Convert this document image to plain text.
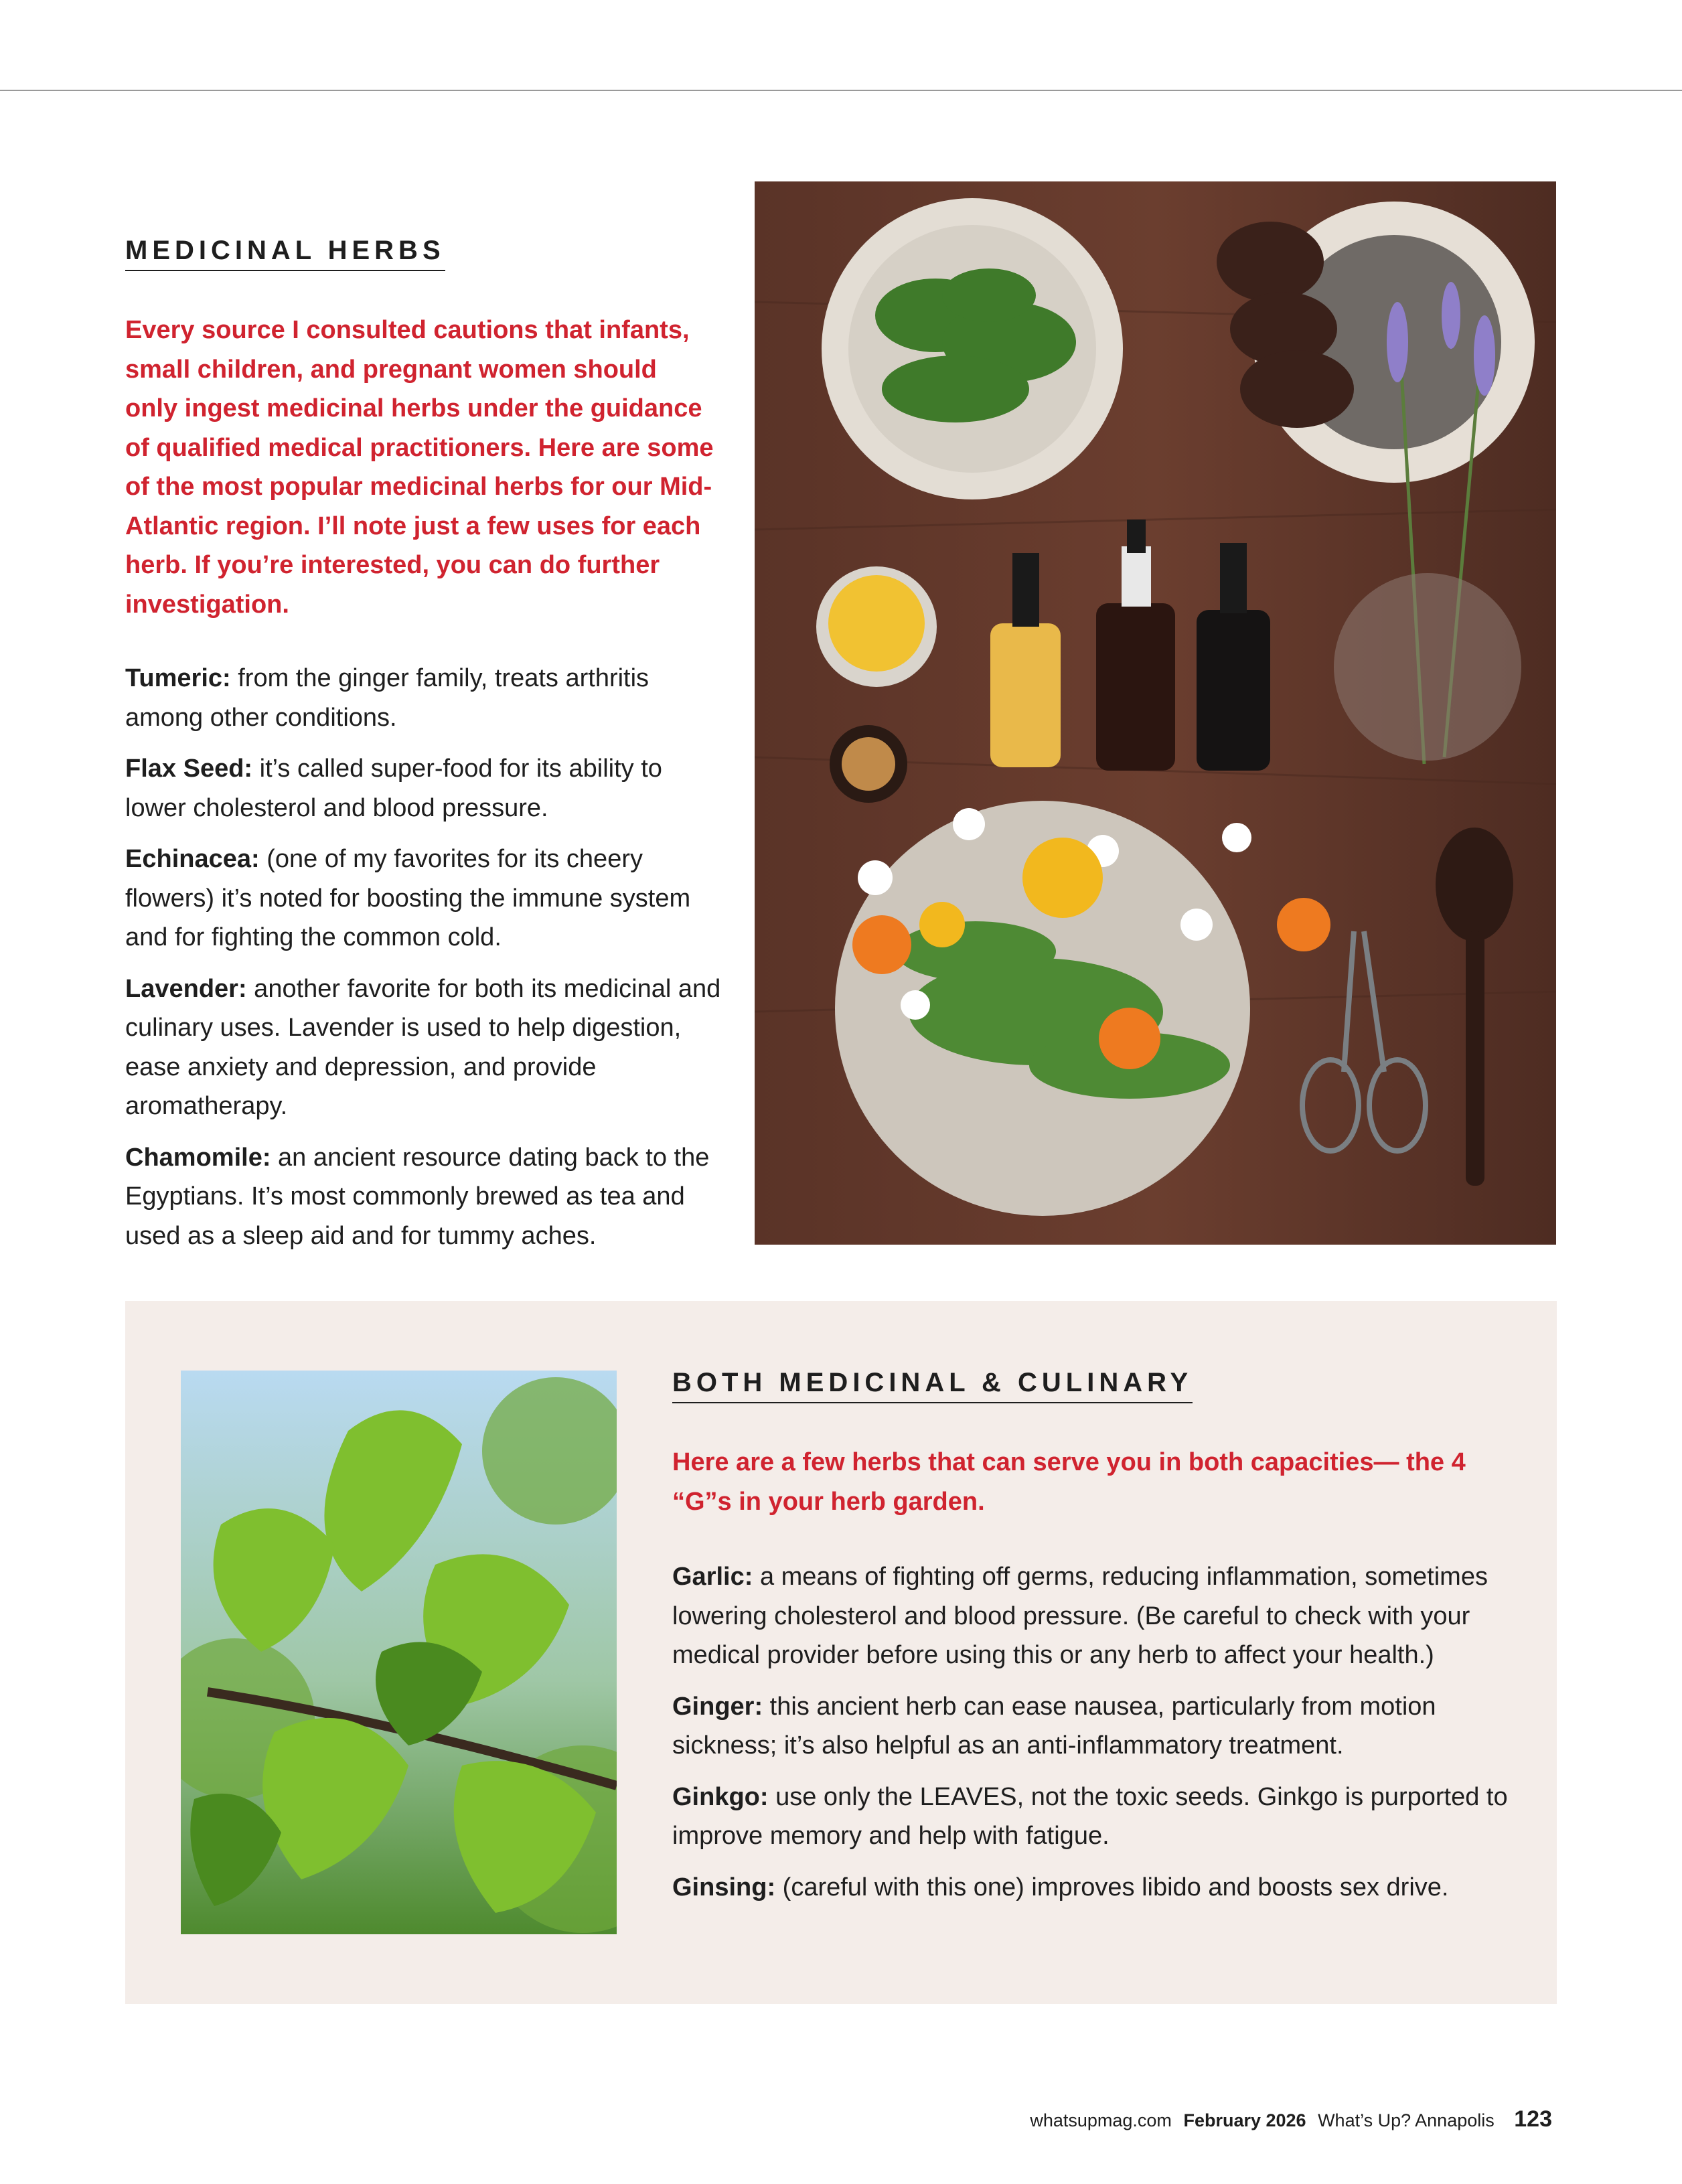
MEDICINAL HERBS
Every source I consulted cautions that infants, small children, and pregnant women should only ingest medicinal herbs under the guidance of qualified medical practitioners. Here are some of the most popular medicinal herbs for our Mid-Atlantic region. I’ll note just a few uses for each herb. If you’re interested, you can do further investigation.

Tumeric: from the ginger family, treats arthritis among other conditions.

Flax Seed: it’s called super-food for its ability to lower cholesterol and blood pressure.

Echinacea: (one of my favorites for its cheery flowers) it’s noted for boosting the immune system and for fighting the common cold.

Lavender: another favorite for both its medicinal and culinary uses. Lavender is used to help digestion, ease anxiety and depression, and provide aromatherapy.

Chamomile: an ancient resource dating back to the Egyptians. It’s most commonly brewed as tea and used as a sleep aid and for tummy aches.

BOTH MEDICINAL & CULINARY
Here are a few herbs that can serve you in both capacities— the 4 “G”s in your herb garden.

Garlic: a means of fighting off germs, reducing inflammation, sometimes lowering cholesterol and blood pressure. (Be careful to check with your medical provider before using this or any herb to affect your health.)

Ginger: this ancient herb can ease nausea, particularly from motion sickness; it’s also helpful as an anti-inflammatory treatment.

Ginkgo: use only the LEAVES, not the toxic seeds. Ginkgo is purported to improve memory and help with fatigue.

Ginsing: (careful with this one) improves libido and boosts sex drive.

whatsupmag.com February 2026 What’s Up? Annapolis 123
